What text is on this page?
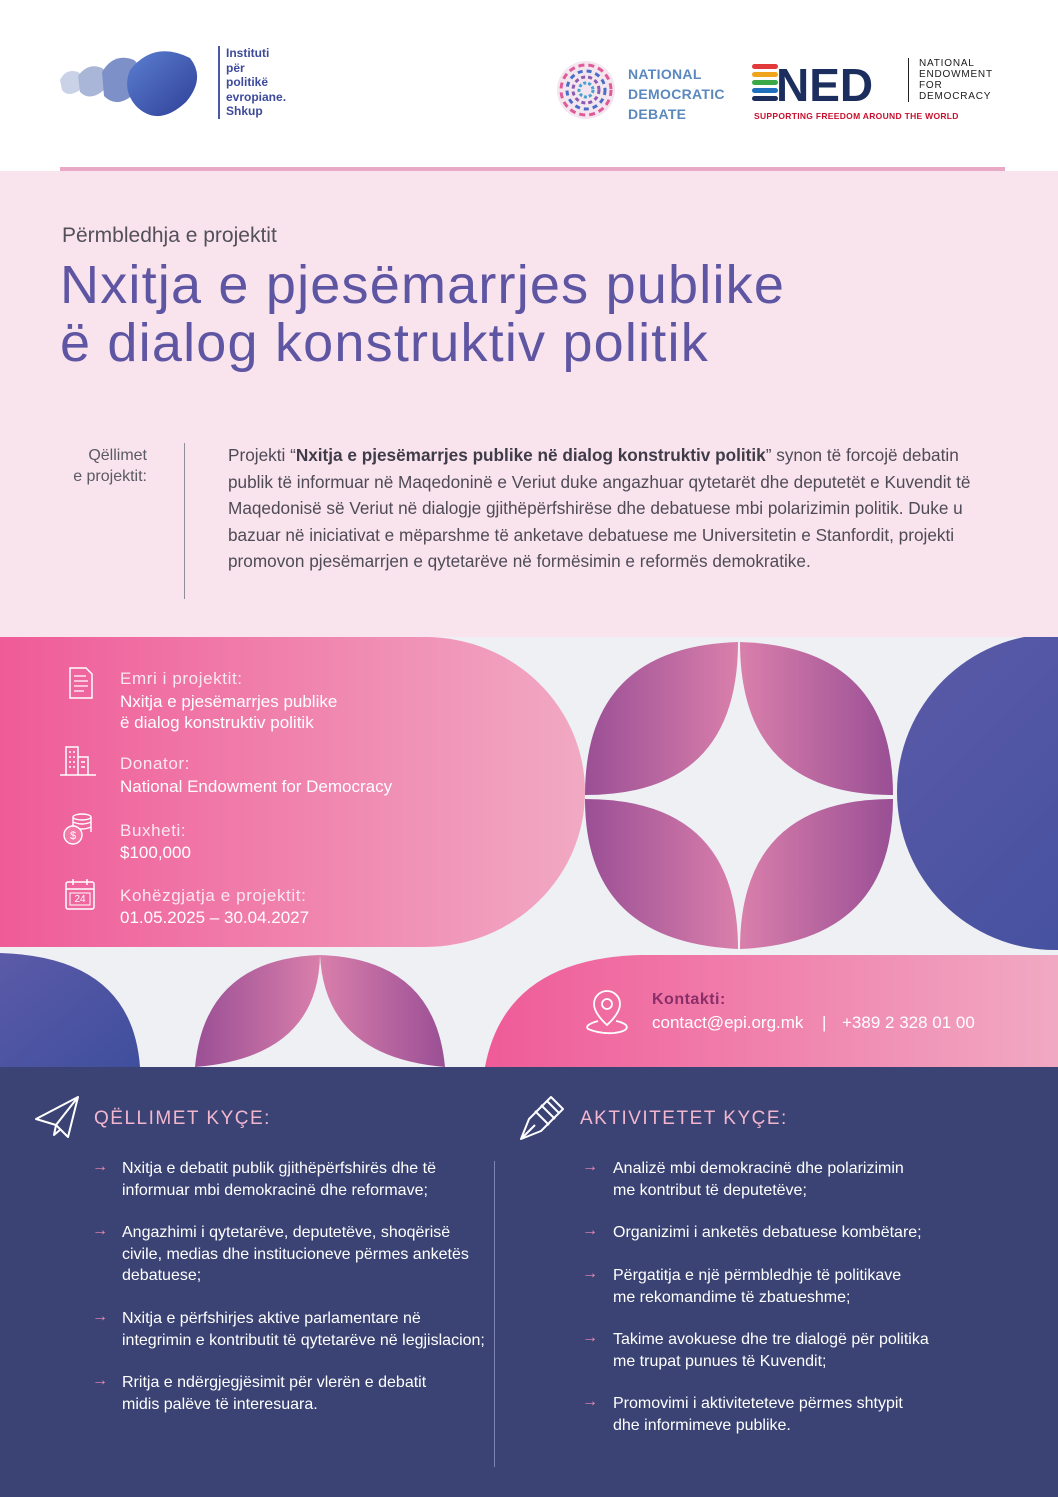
Instituti
për
politikë
evropiane.
Shkup
NATIONAL
DEMOCRATIC
DEBATE
NED	NATIONAL
ENDOWMENT
FOR
DEMOCRACY
SUPPORTING FREEDOM AROUND THE WORLD
Përmbledhja e projektit
Nxitja e pjesëmarrjes publike
ë dialog konstruktiv politik
Qëllimet
e projektit:
Projekti “Nxitja e pjesëmarrjes publike në dialog konstruktiv politik” synon të forcojë debatin publik të informuar në Maqedoninë e Veriut duke angazhuar qytetarët dhe deputetët e Kuvendit të Maqedonisë së Veriut në dialogje gjithëpërfshirëse dhe debatuese mbi polarizimin politik. Duke u bazuar në iniciativat e mëparshme të anketave debatuese me Universitetin e Stanfordit, projekti promovon pjesëmarrjen e qytetarëve në formësimin e reformës demokratike.
Emri i projektit:
Nxitja e pjesëmarrjes publike
ë dialog konstruktiv politik
Donator:
National Endowment for Democracy
$	Buxheti:
$100,000
24 Kohëzgjatja e projektit:
01.05.2025 – 30.04.2027
Kontakti:
contact@epi.org.mk | +389 2 328 01 00
QËLLIMET KYÇE:	AKTIVITETET KYÇE:
→ Nxitja e debatit publik gjithëpërfshirës dhe të
informuar mbi demokracinë dhe reformave;
→ Angazhimi i qytetarëve, deputetëve, shoqërisë
civile, medias dhe institucioneve përmes anketës
debatuese;
→ Nxitja e përfshirjes aktive parlamentare në
integrimin e kontributit të qytetarëve në legjislacion;
→ Rritja e ndërgjegjësimit për vlerën e debatit
midis palëve të interesuara.
→ Analizë mbi demokracinë dhe polarizimin
me kontribut të deputetëve;
→ Organizimi i anketës debatuese kombëtare;
→ Përgatitja e një përmbledhje të politikave
me rekomandime të zbatueshme;
→ Takime avokuese dhe tre dialogë për politika
me trupat punues të Kuvendit;
→ Promovimi i aktiviteteteve përmes shtypit
dhe informimeve publike.
